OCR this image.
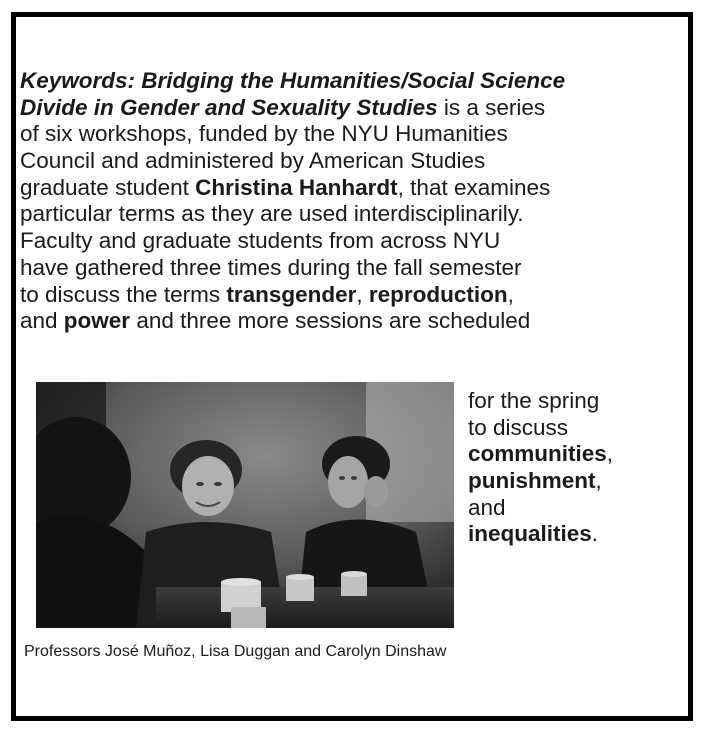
Keywords: Bridging the Humanities/Social Science
Divide in Gender and Sexuality Studies is a series
of six workshops, funded by the NYU Humanities
Council and administered by American Studies
graduate student Christina Hanhardt, that examines
particular terms as they are used interdisciplinarily.
Faculty and graduate students from across NYU
have gathered three times during the fall semester
to discuss the terms transgender, reproduction,
and power and three more sessions are scheduled
for the spring
to discuss
communities,
punishment,
and
inequalities.
Professors José Muñoz, Lisa Duggan and Carolyn Dinshaw
